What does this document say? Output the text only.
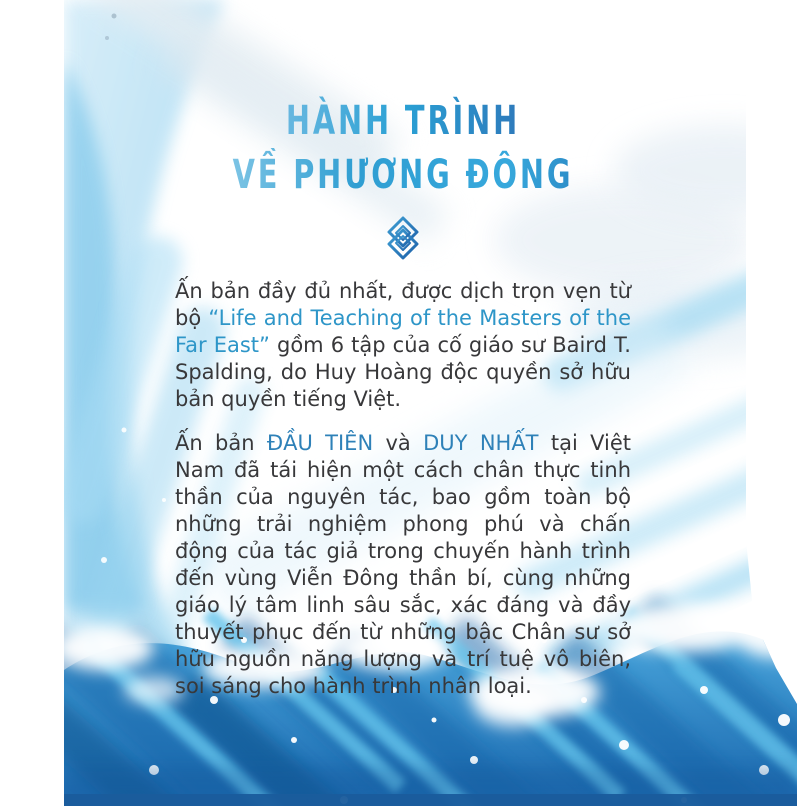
HÀNH TRÌNH
VỀ PHƯƠNG ĐÔNG

Ấn bản đầy đủ nhất, được dịch trọn vẹn từ bộ “Life and Teaching of the Masters of the Far East” gồm 6 tập của cố giáo sư Baird T. Spalding, do Huy Hoàng độc quyền sở hữu bản quyền tiếng Việt.

Ấn bản ĐẦU TIÊN và DUY NHẤT tại Việt Nam đã tái hiện một cách chân thực tinh thần của nguyên tác, bao gồm toàn bộ những trải nghiệm phong phú và chấn động của tác giả trong chuyến hành trình đến vùng Viễn Đông thần bí, cùng những giáo lý tâm linh sâu sắc, xác đáng và đầy thuyết phục đến từ những bậc Chân sư sở hữu nguồn năng lượng và trí tuệ vô biên, soi sáng cho hành trình nhân loại.
